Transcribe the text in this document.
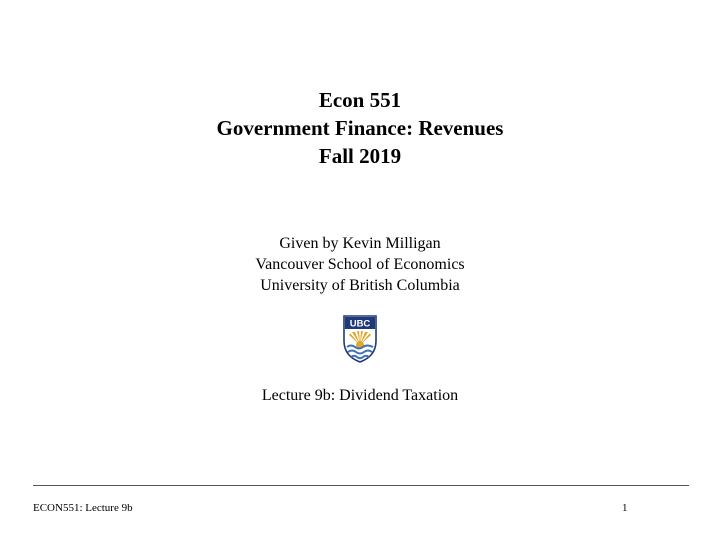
Econ 551

Government Finance: Revenues

Fall 2019

Given by Kevin Milligan

Vancouver School of Economics

University of British Columbia

UBC

Lecture 9b: Dividend Taxation

ECON551: Lecture 9b	1
